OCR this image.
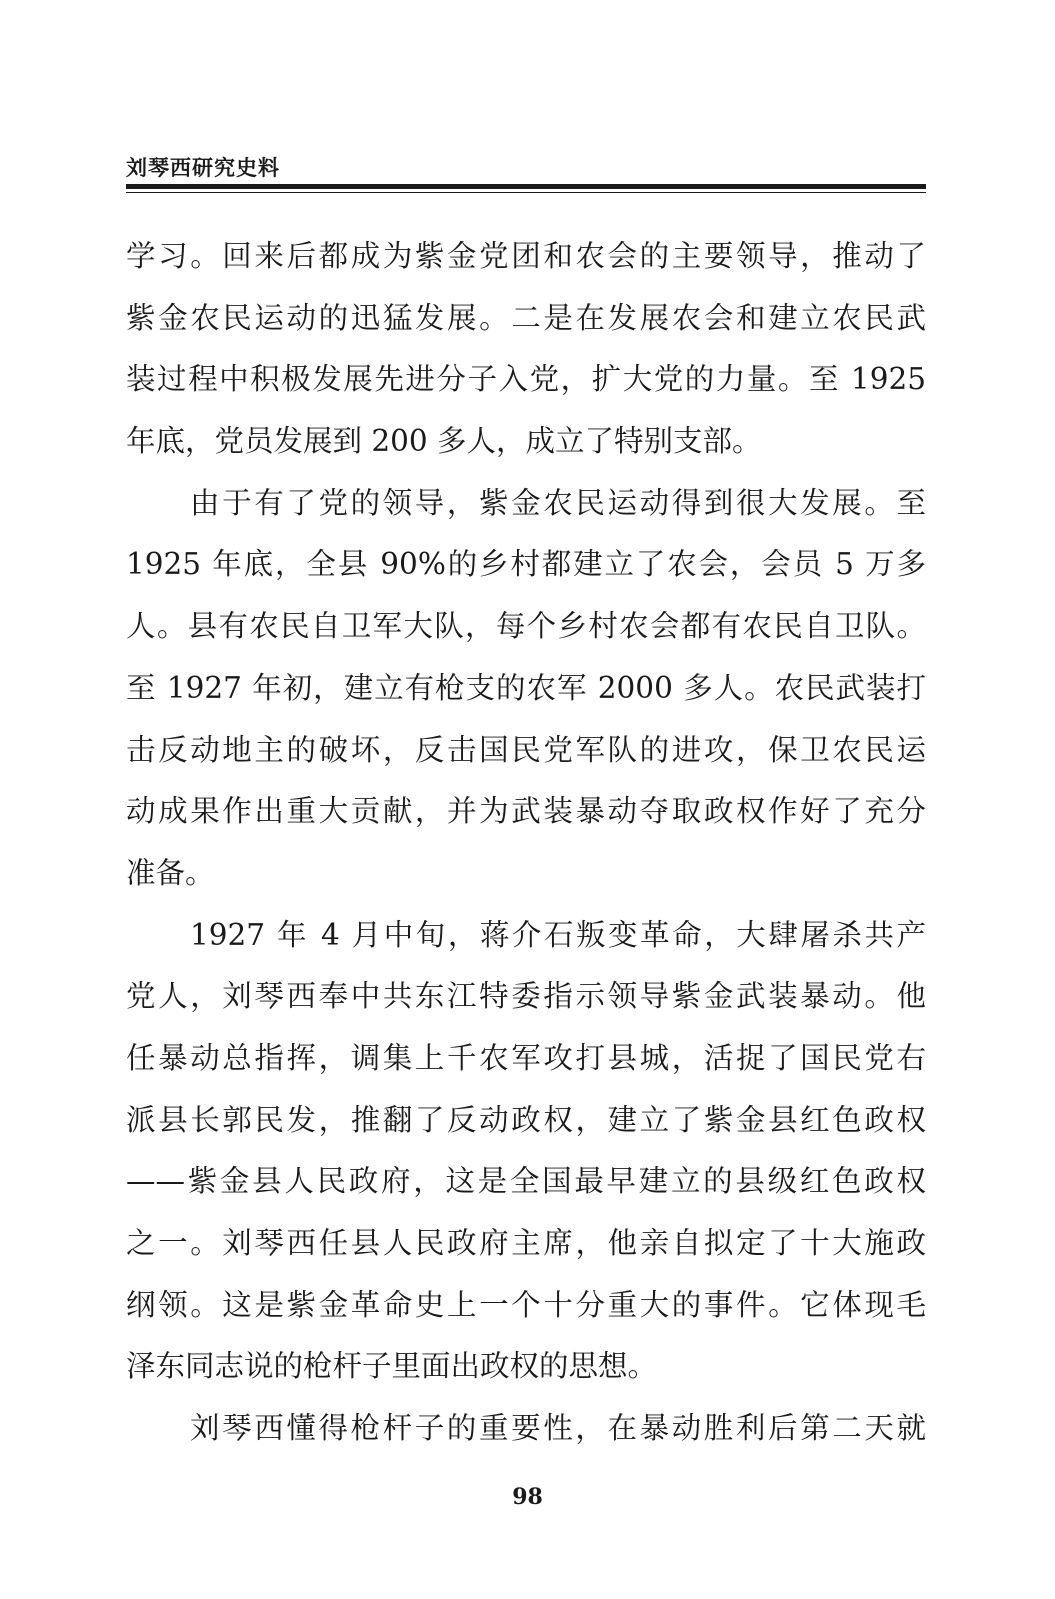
刘琴西研究史料
学习。回来后都成为紫金党团和农会的主要领导，推动了
紫金农民运动的迅猛发展。二是在发展农会和建立农民武
装过程中积极发展先进分子入党，扩大党的力量。至 1925
年底，党员发展到 200 多人，成立了特别支部。
由于有了党的领导，紫金农民运动得到很大发展。至
1925 年底，全县 90%的乡村都建立了农会，会员 5 万多
人。县有农民自卫军大队，每个乡村农会都有农民自卫队。
至 1927 年初，建立有枪支的农军 2000 多人。农民武装打
击反动地主的破坏，反击国民党军队的进攻，保卫农民运
动成果作出重大贡献，并为武装暴动夺取政权作好了充分
准备。
1927 年 4 月中旬，蒋介石叛变革命，大肆屠杀共产
党人，刘琴西奉中共东江特委指示领导紫金武装暴动。他
任暴动总指挥，调集上千农军攻打县城，活捉了国民党右
派县长郭民发，推翻了反动政权，建立了紫金县红色政权
——紫金县人民政府，这是全国最早建立的县级红色政权
之一。刘琴西任县人民政府主席，他亲自拟定了十大施政
纲领。这是紫金革命史上一个十分重大的事件。它体现毛
泽东同志说的枪杆子里面出政权的思想。
刘琴西懂得枪杆子的重要性，在暴动胜利后第二天就
98
